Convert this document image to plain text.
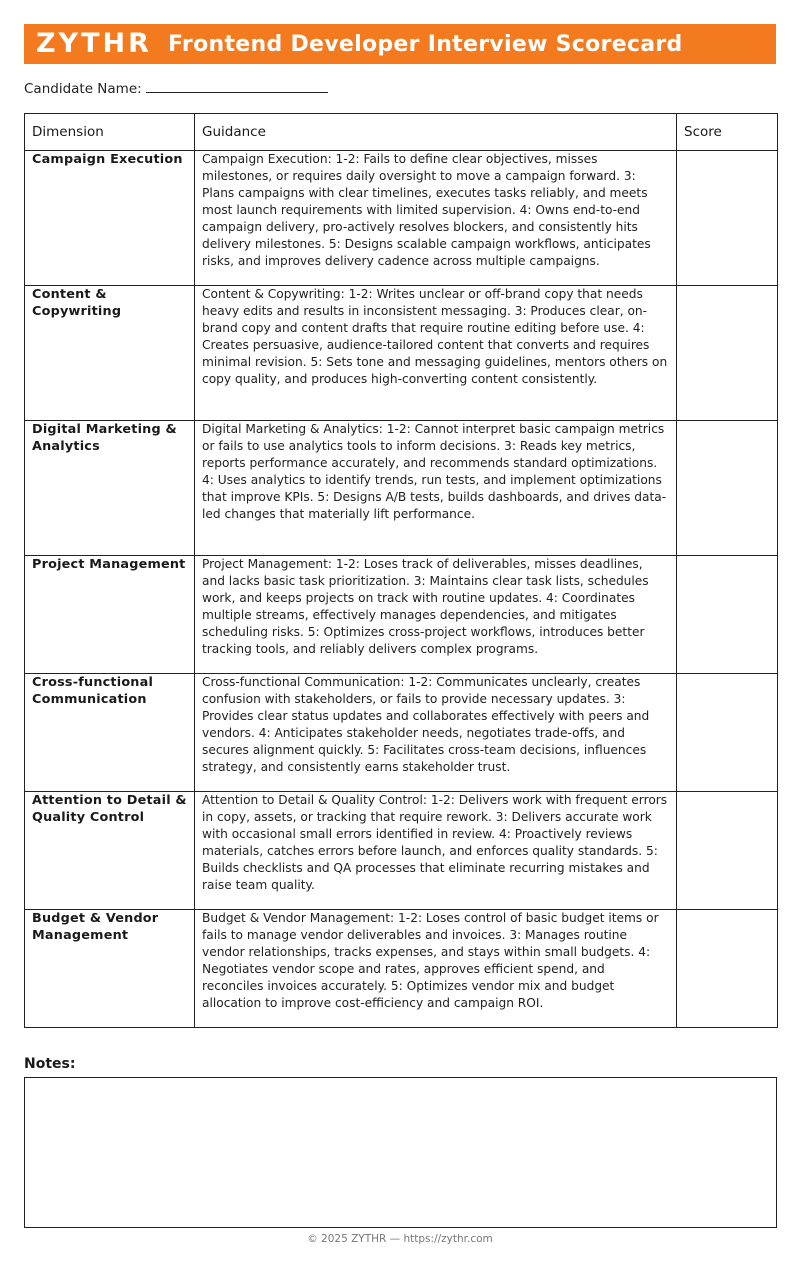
ZYTHR Frontend Developer Interview Scorecard
Candidate Name:
Dimension	Guidance	Score
Campaign Execution	Campaign Execution: 1-2: Fails to define clear objectives, misses milestones, or requires daily oversight to move a campaign forward. 3: Plans campaigns with clear timelines, executes tasks reliably, and meets most launch requirements with limited supervision. 4: Owns end-to-end campaign delivery, pro-actively resolves blockers, and consistently hits delivery milestones. 5: Designs scalable campaign workflows, anticipates risks, and improves delivery cadence across multiple campaigns.	
Content & Copywriting	Content & Copywriting: 1-2: Writes unclear or off-brand copy that needs heavy edits and results in inconsistent messaging. 3: Produces clear, on-brand copy and content drafts that require routine editing before use. 4: Creates persuasive, audience-tailored content that converts and requires minimal revision. 5: Sets tone and messaging guidelines, mentors others on copy quality, and produces high-converting content consistently.	
Digital Marketing & Analytics	Digital Marketing & Analytics: 1-2: Cannot interpret basic campaign metrics or fails to use analytics tools to inform decisions. 3: Reads key metrics, reports performance accurately, and recommends standard optimizations. 4: Uses analytics to identify trends, run tests, and implement optimizations that improve KPIs. 5: Designs A/B tests, builds dashboards, and drives data-led changes that materially lift performance.	
Project Management	Project Management: 1-2: Loses track of deliverables, misses deadlines, and lacks basic task prioritization. 3: Maintains clear task lists, schedules work, and keeps projects on track with routine updates. 4: Coordinates multiple streams, effectively manages dependencies, and mitigates scheduling risks. 5: Optimizes cross-project workflows, introduces better tracking tools, and reliably delivers complex programs.	
Cross-functional Communication	Cross-functional Communication: 1-2: Communicates unclearly, creates confusion with stakeholders, or fails to provide necessary updates. 3: Provides clear status updates and collaborates effectively with peers and vendors. 4: Anticipates stakeholder needs, negotiates trade-offs, and secures alignment quickly. 5: Facilitates cross-team decisions, influences strategy, and consistently earns stakeholder trust.	
Attention to Detail & Quality Control	Attention to Detail & Quality Control: 1-2: Delivers work with frequent errors in copy, assets, or tracking that require rework. 3: Delivers accurate work with occasional small errors identified in review. 4: Proactively reviews materials, catches errors before launch, and enforces quality standards. 5: Builds checklists and QA processes that eliminate recurring mistakes and raise team quality.	
Budget & Vendor Management	Budget & Vendor Management: 1-2: Loses control of basic budget items or fails to manage vendor deliverables and invoices. 3: Manages routine vendor relationships, tracks expenses, and stays within small budgets. 4: Negotiates vendor scope and rates, approves efficient spend, and reconciles invoices accurately. 5: Optimizes vendor mix and budget allocation to improve cost-efficiency and campaign ROI.	
Notes:
© 2025 ZYTHR — https://zythr.com
